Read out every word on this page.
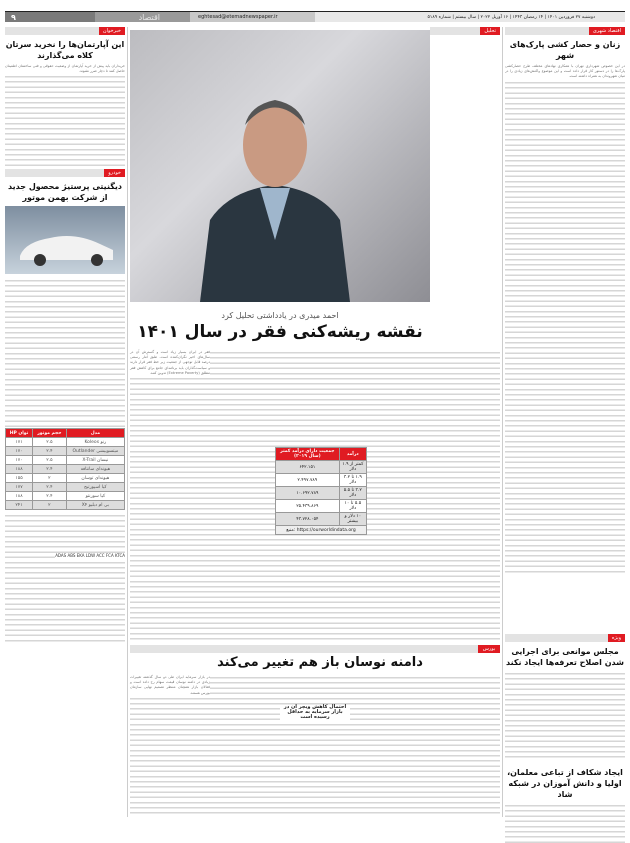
۹	اقتصاد	eghtesad@etemadnewspaper.ir	دوشنبه ۲۷ فروردین ۱۴۰۱ | ۱۴ رمضان ۱۴۴۳ | ۱۶ آوریل ۲۰۲۲ | سال بیستم | شماره ۵۱۸۹
اقتصاد شهری
زنان و حصار کشی پارک‌های شهر

در این خصوص شهرداری تهران با همکاری نهادهای مختلف طرح حصارکشی پارک‌ها را در دستور کار قرار داده است و این موضوع واکنش‌های زیادی را در میان شهروندان به همراه داشته است.

ویژه
مجلس موانعی برای اجرایی شدن اصلاح تعرفه‌ها ایجاد نکند
ایجاد شکاف از تباعی معلمان، اولیا و دانش آموزان در شبکه شاد
تحلیل
احمد میدری در یادداشتی تحلیل کرد
نقشه ریشه‌کنی فقر در سال ۱۴۰۱

فقر در ایران بسیار زیاد است و گسترش آن در سال‌های اخیر نگران‌کننده است. طبق آمار رسمی درصد قابل توجهی از جمعیت زیر خط فقر قرار دارند و سیاست‌گذاران باید برنامه‌ای جامع برای کاهش فقر مطلق (Extreme Poverty) تدوین کنند.

درآمد	جمعیت دارای درآمد کمتر (سال ۲۰۱۹)
کمتر از ۱.۹ دلار	۶۴۲.۱۵۱
۱.۹ تا ۳.۲ دلار	۲.۴۹۷.۷۸۹
۳.۲ تا ۵.۵ دلار	۱۰.۶۹۲.۷۸۹
۵.۵ تا ۱۰ دلار	۲۵.۴۳۹.۸۶۹
۱۰ دلار و بیشتر	۴۳.۷۲۸.۰۵۴
منبع: https://ourworldindata.org	
بورس
دامنه نوسان باز هم تغییر می‌کند

در بازار سرمایه ایران طی دو سال گذشته تغییرات زیادی در دامنه نوسان قیمت سهام رخ داده است و فعالان بازار همچنان منتظر تصمیم نهایی سازمان بورس هستند.

احتمال کاهش ویچر ان در بازار سرمایه به حداقل رسیده است

خبرخوان
این آپارتمان‌ها را نخرید سرتان کلاه می‌گذارند

خریداران باید پیش از خرید آپارتمان از وضعیت حقوقی و فنی ساختمان اطمینان حاصل کنند تا دچار ضرر نشوند.

خودرو
دیگنیتی پرستیژ محصول جدید از شرکت بهمن موتور
مدل	حجم موتور	توان HP
رنو Koleos	۲.۵	۱۷۱
میتسوبیشی Outlander	۲.۴	۱۷۰
نیسان X-Trail	۲.۵	۱۷۰
هیوندای سانتافه	۲.۴	۱۸۸
هیوندای توسان	۲	۱۵۵
کیا اسپورتیج	۲.۴	۱۷۷
کیا سورنتو	۲.۴	۱۸۸
بی ام دبلیو X۴	۲	۲۴۱
ADAS ABS EKA LDW ACC FCA KTCA
